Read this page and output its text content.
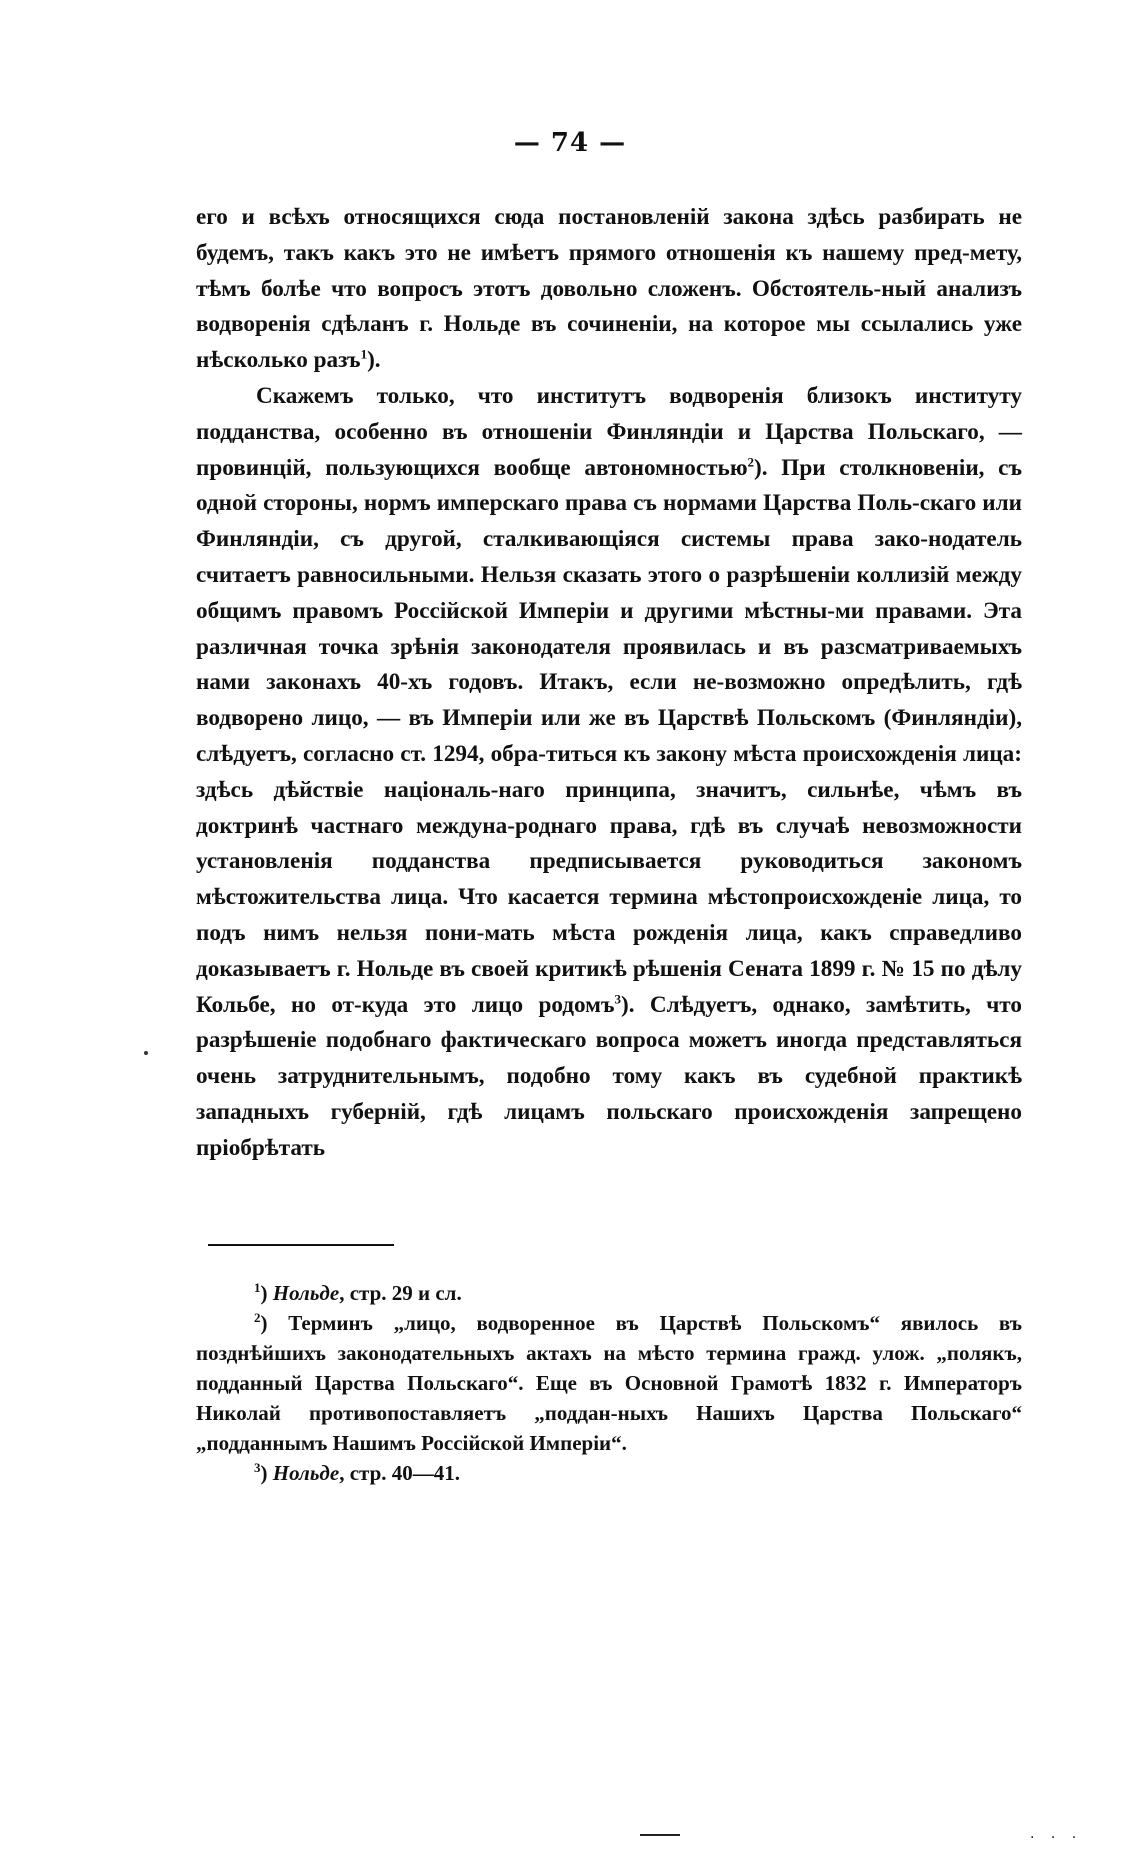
— 74 —

его и всѣхъ относящихся сюда постановленій закона здѣсь разбирать не будемъ, такъ какъ это не имѣетъ прямого отношенія къ нашему пред-мету, тѣмъ болѣе что вопросъ этотъ довольно сложенъ. Обстоятель-ный анализъ водворенія сдѣланъ г. Нольде въ сочиненіи, на которое мы ссылались уже нѣсколько разъ$^1$).

Скажемъ только, что институтъ водворенія близокъ институту подданства, особенно въ отношеніи Финляндіи и Царства Польскаго, — провинцій, пользующихся вообще автономностью$^2$). При столкновеніи, съ одной стороны, нормъ имперскаго права съ нормами Царства Поль-скаго или Финляндіи, съ другой, сталкивающіяся системы права зако-нодатель считаетъ равносильными. Нельзя сказать этого о разрѣшеніи коллизій между общимъ правомъ Россійской Имперіи и другими мѣстны-ми правами. Эта различная точка зрѣнія законодателя проявилась и въ разсматриваемыхъ нами законахъ 40-хъ годовъ. Итакъ, если не-возможно опредѣлить, гдѣ водворено лицо, — въ Имперіи или же въ Царствѣ Польскомъ (Финляндіи), слѣдуетъ, согласно ст. 1294, обра-титься къ закону мѣста происхожденія лица: здѣсь дѣйствіе національ-наго принципа, значитъ, сильнѣе, чѣмъ въ доктринѣ частнаго междуна-роднаго права, гдѣ въ случаѣ невозможности установленія подданства предписывается руководиться закономъ мѣстожительства лица. Что касается термина мѣстопроисхожденіе лица, то подъ нимъ нельзя пони-мать мѣста рожденія лица, какъ справедливо доказываетъ г. Нольде въ своей критикѣ рѣшенія Сената 1899 г. № 15 по дѣлу Кольбе, но от-куда это лицо родомъ$^3$). Слѣдуетъ, однако, замѣтить, что разрѣшеніе подобнаго фактическаго вопроса можетъ иногда представляться очень затруднительнымъ, подобно тому какъ въ судебной практикѣ западныхъ губерній, гдѣ лицамъ польскаго происхожденія запрещено пріобрѣтать

$^1$) Нольде, стр. 29 и сл.

$^2$) Терминъ „лицо, водворенное въ Царствѣ Польскомъ“ явилось въ позднѣйшихъ законодательныхъ актахъ на мѣсто термина гражд. улож. „полякъ, подданный Царства Польскаго“. Еще въ Основной Грамотѣ 1832 г. Императоръ Николай противопоставляетъ „поддан-ныхъ Нашихъ Царства Польскаго“ „подданнымъ Нашимъ Россійской Имперіи“.

$^3$) Нольде, стр. 40—41.

. . .
